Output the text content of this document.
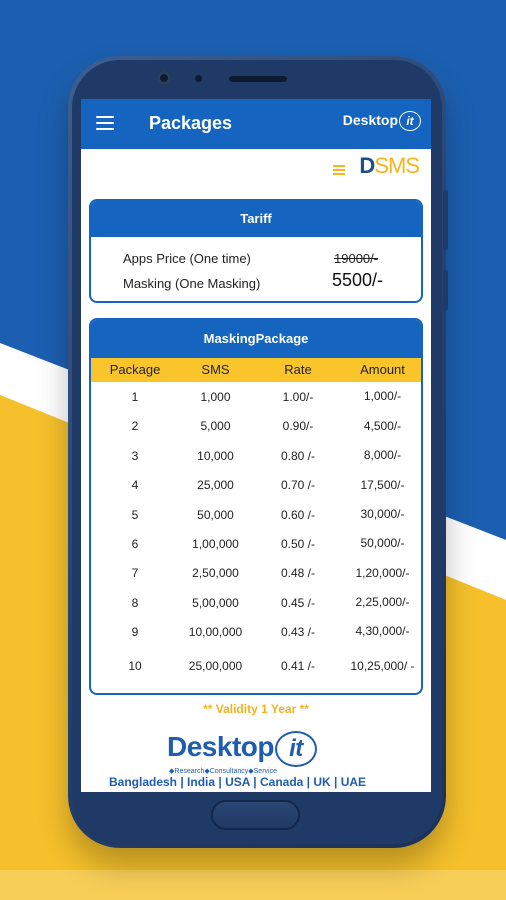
Packages	Desktop it
DSMS
Tariff
Apps Price (One time)	19000/-
Masking (One Masking)	5500/-
MaskingPackage
Package	SMS	Rate	Amount
1	1,000	1.00/-	1,000/-
2	5,000	0.90/-	4,500/-
3	10,000	0.80 /-	8,000/-
4	25,000	0.70 /-	17,500/-
5	50,000	0.60 /-	30,000/-
6	1,00,000	0.50 /-	50,000/-
7	2,50,000	0.48 /-	1,20,000/-
8	5,00,000	0.45 /-	2,25,000/-
9	10,00,000	0.43 /-	4,30,000/-
10	25,00,000	0.41 /-	10,25,000/ -
** Validity 1 Year **
Desktop it
◆Research◆Consultancy◆Service
Bangladesh | India | USA | Canada | UK | UAE
